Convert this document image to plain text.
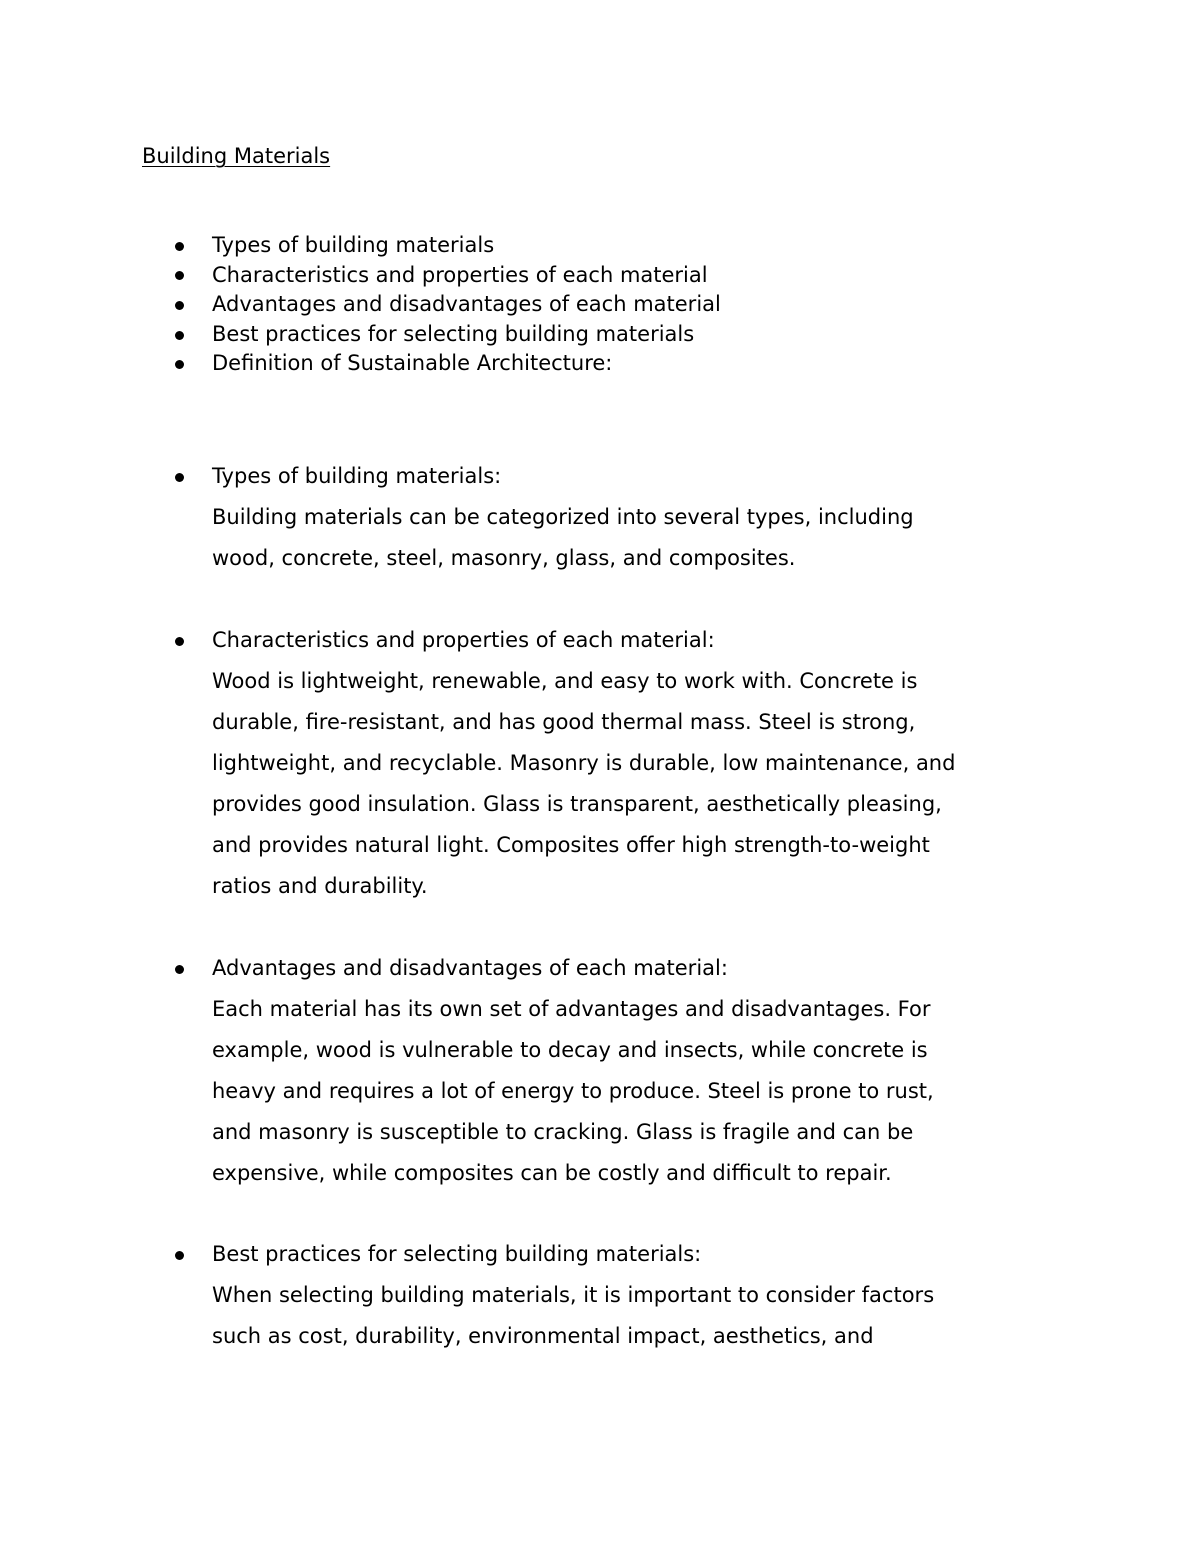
Building Materials
Types of building materials
Characteristics and properties of each material
Advantages and disadvantages of each material
Best practices for selecting building materials
Definition of Sustainable Architecture:
Types of building materials:
Building materials can be categorized into several types, including
wood, concrete, steel, masonry, glass, and composites.
Characteristics and properties of each material:
Wood is lightweight, renewable, and easy to work with. Concrete is
durable, fire-resistant, and has good thermal mass. Steel is strong,
lightweight, and recyclable. Masonry is durable, low maintenance, and
provides good insulation. Glass is transparent, aesthetically pleasing,
and provides natural light. Composites offer high strength-to-weight
ratios and durability.
Advantages and disadvantages of each material:
Each material has its own set of advantages and disadvantages. For
example, wood is vulnerable to decay and insects, while concrete is
heavy and requires a lot of energy to produce. Steel is prone to rust,
and masonry is susceptible to cracking. Glass is fragile and can be
expensive, while composites can be costly and difficult to repair.
Best practices for selecting building materials:
When selecting building materials, it is important to consider factors
such as cost, durability, environmental impact, aesthetics, and
